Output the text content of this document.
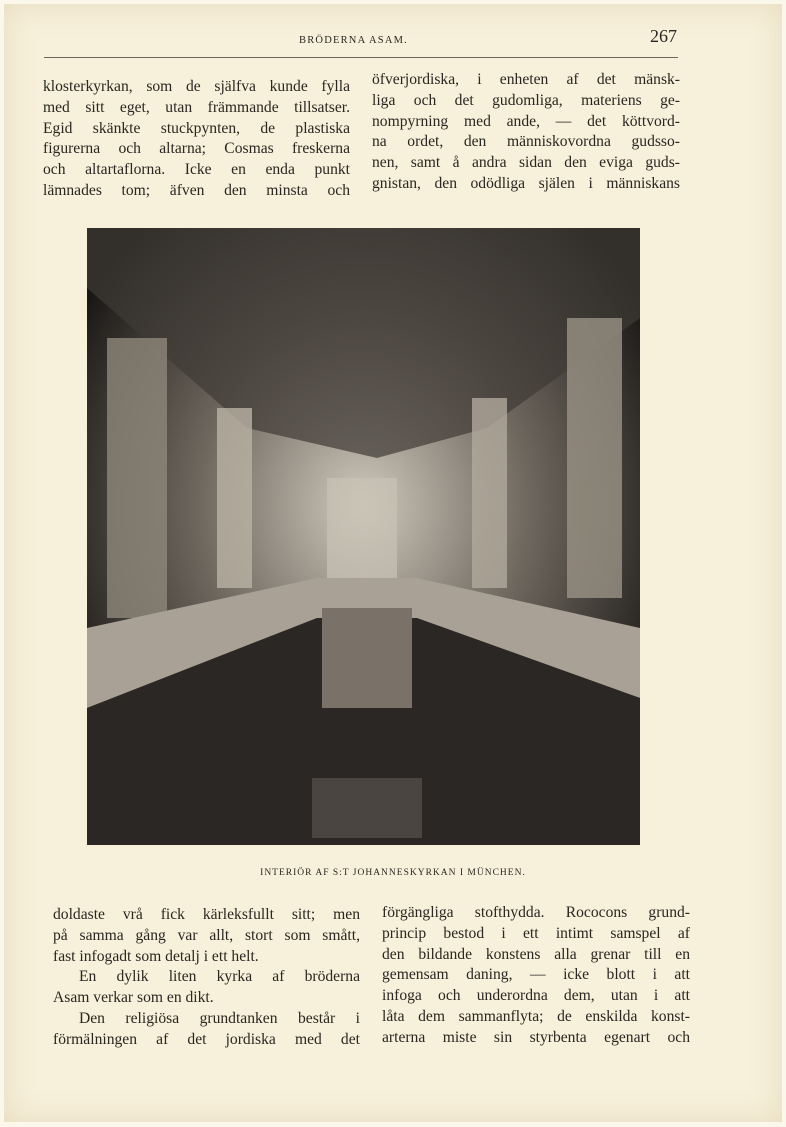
BRÖDERNA ASAM.	267
klosterkyrkan, som de själfva kunde fylla
med sitt eget, utan främmande tillsatser.
Egid skänkte stuckpynten, de plastiska
figurerna och altarna; Cosmas freskerna
och altartaflorna. Icke en enda punkt
lämnades tom; äfven den minsta och
öfverjordiska, i enheten af det mänsk-
liga och det gudomliga, materiens ge-
nompyrning med ande, — det köttvord-
na ordet, den människovordna gudsso-
nen, samt å andra sidan den eviga guds-
gnistan, den odödliga själen i människans
INTERIÖR AF S:T JOHANNESKYRKAN I MÜNCHEN.
doldaste vrå fick kärleksfullt sitt; men
på samma gång var allt, stort som smått,
fast infogadt som detalj i ett helt.
En dylik liten kyrka af bröderna
Asam verkar som en dikt.
Den religiösa grundtanken består i
förmälningen af det jordiska med det
förgängliga stofthydda. Rococons grund-
princip bestod i ett intimt samspel af
den bildande konstens alla grenar till en
gemensam daning, — icke blott i att
infoga och underordna dem, utan i att
låta dem sammanflyta; de enskilda konst-
arterna miste sin styrbenta egenart och
